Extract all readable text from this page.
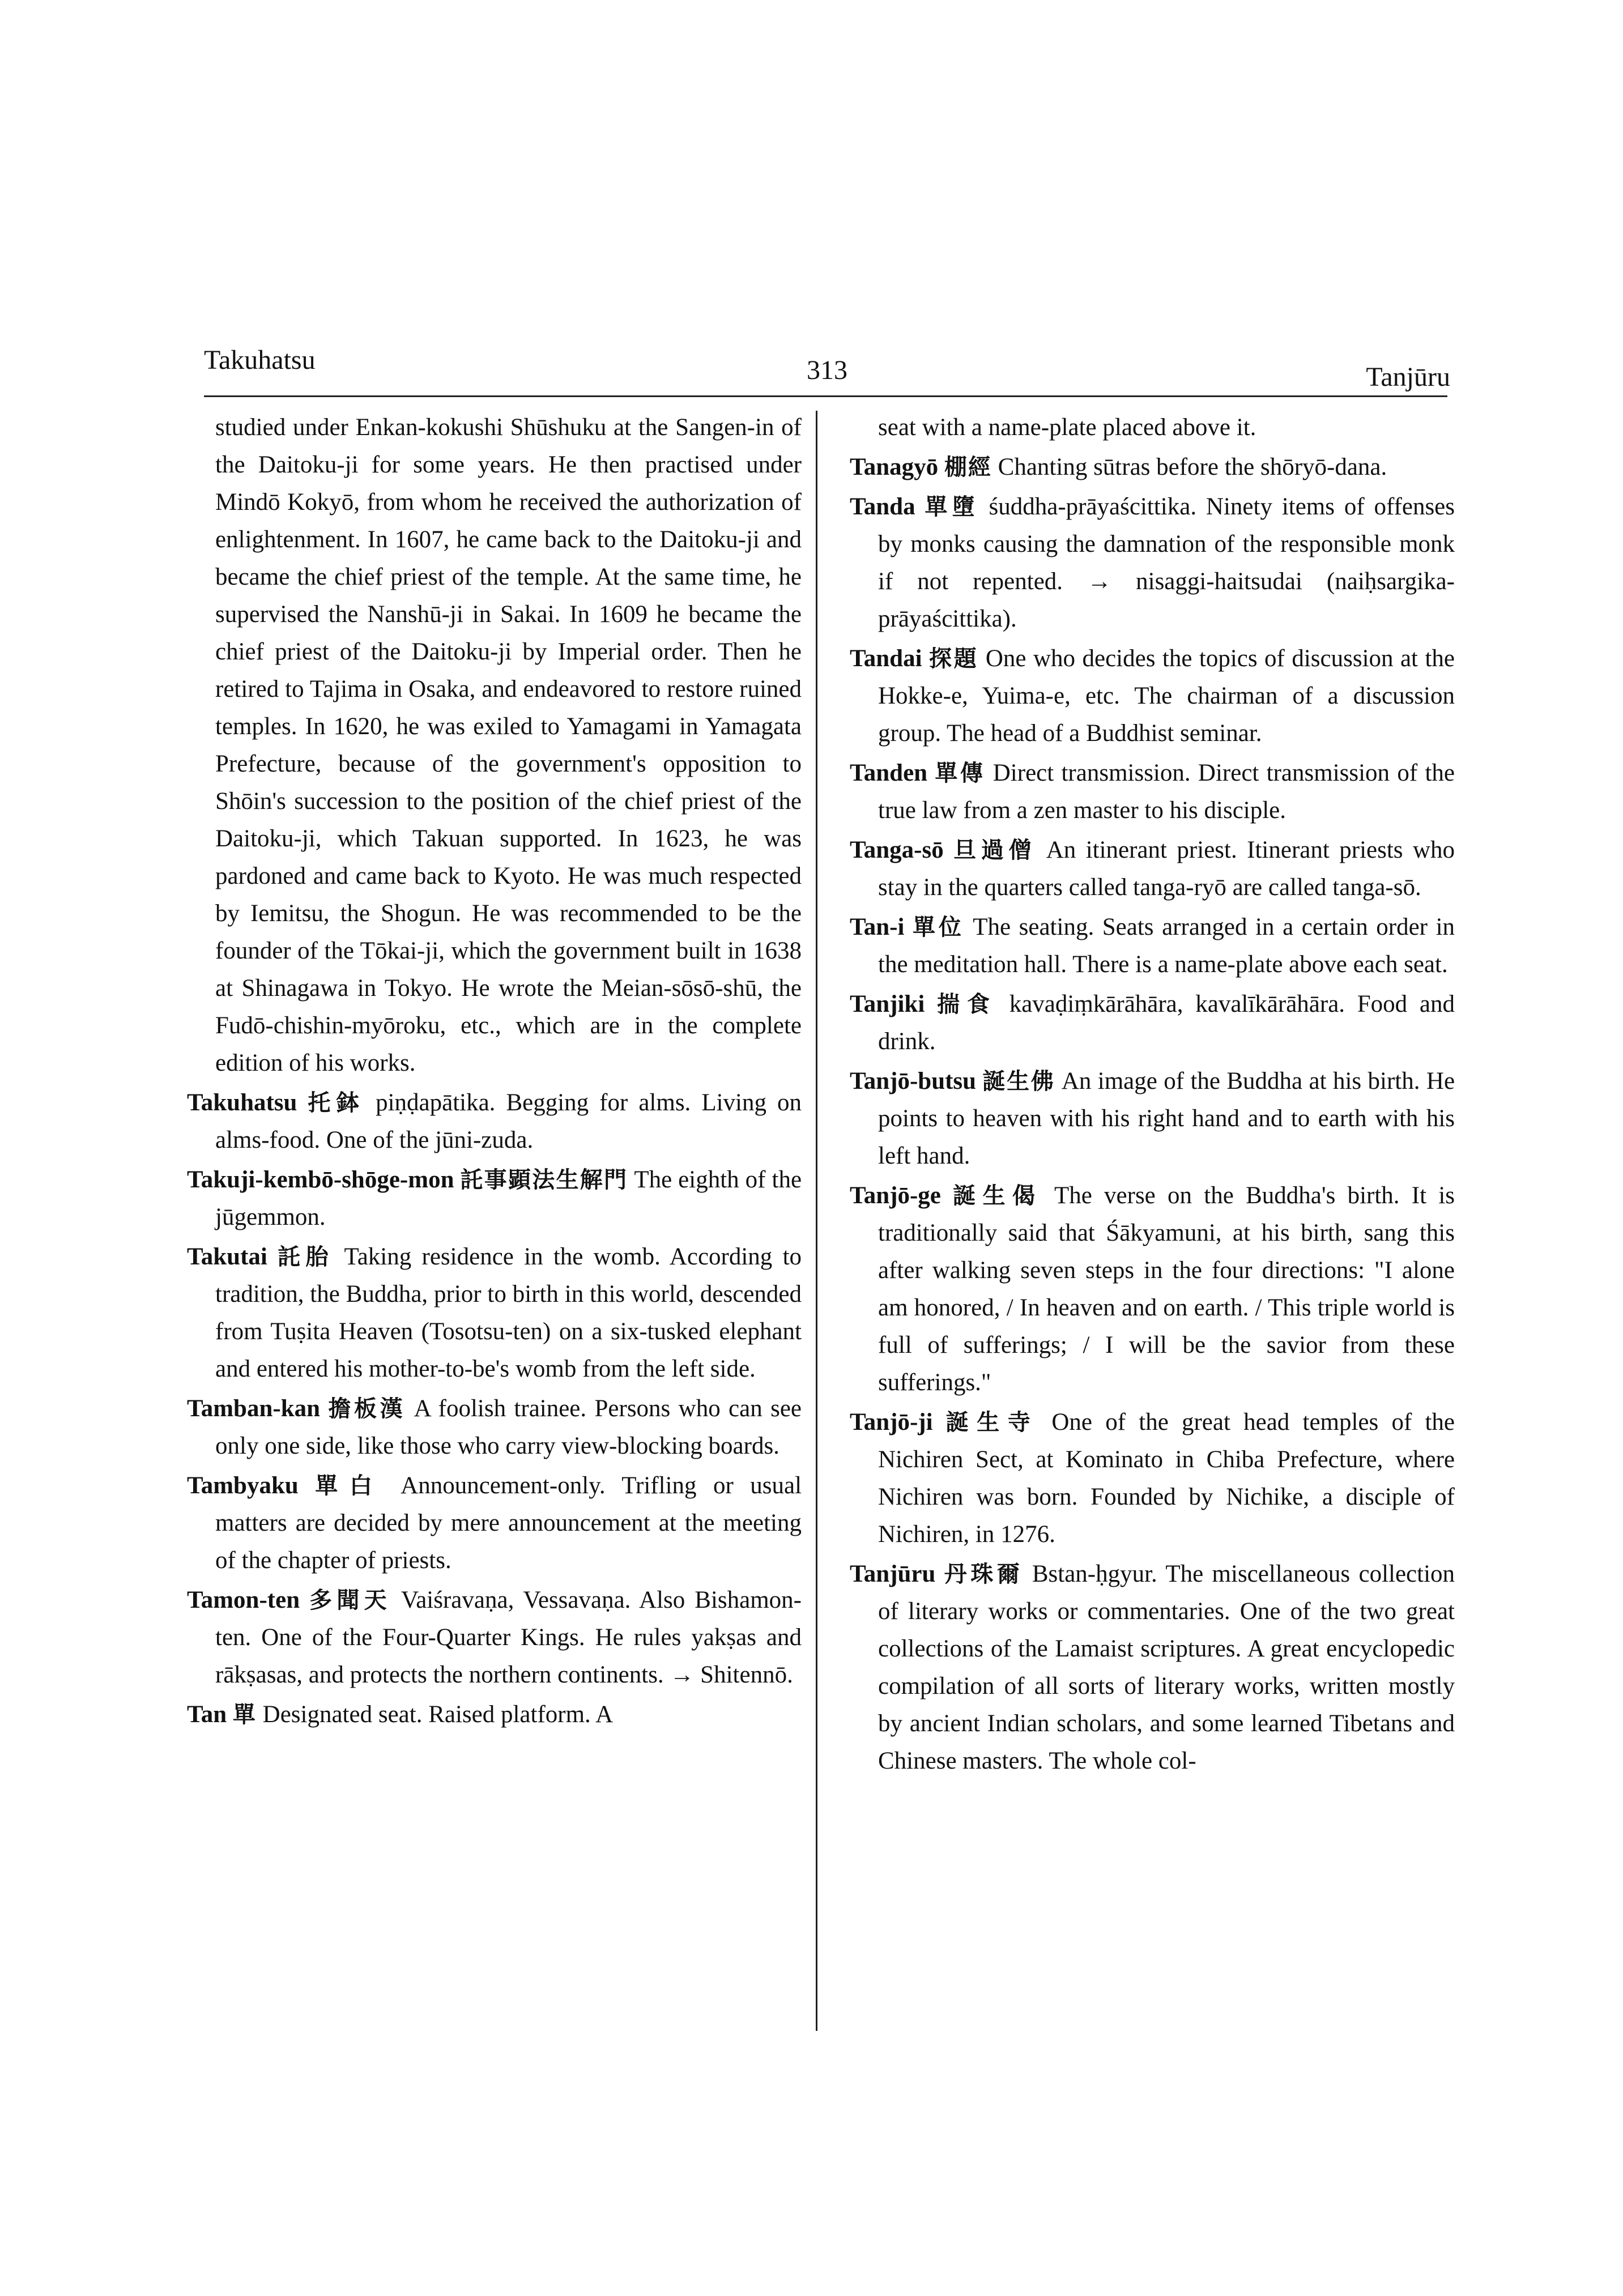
Takuhatsu	313	Tanjūru

studied under Enkan-kokushi Shūshuku at the Sangen-in of the Daitoku-ji for some years. He then practised under Mindō Kokyō, from whom he received the authorization of enlightenment. In 1607, he came back to the Daitoku-ji and became the chief priest of the temple. At the same time, he supervised the Nanshū-ji in Sakai. In 1609 he became the chief priest of the Daitoku-ji by Imperial order. Then he retired to Tajima in Osaka, and endeavored to restore ruined temples. In 1620, he was exiled to Yamagami in Yamagata Prefecture, because of the government's opposition to Shōin's succession to the position of the chief priest of the Daitoku-ji, which Takuan supported. In 1623, he was pardoned and came back to Kyoto. He was much respected by Iemitsu, the Shogun. He was recommended to be the founder of the Tōkai-ji, which the government built in 1638 at Shinagawa in Tokyo. He wrote the Meian-sōsō-shū, the Fudō-chishin-myōroku, etc., which are in the complete edition of his works.

Takuhatsu 托鉢 piṇḍapātika. Begging for alms. Living on alms-food. One of the jūni-zuda.

Takuji-kembō-shōge-mon 託事顕法生解門 The eighth of the jūgemmon.

Takutai 託胎 Taking residence in the womb. According to tradition, the Buddha, prior to birth in this world, descended from Tuṣita Heaven (Tosotsu-ten) on a six-tusked elephant and entered his mother-to-be's womb from the left side.

Tamban-kan 擔板漢 A foolish trainee. Persons who can see only one side, like those who carry view-blocking boards.

Tambyaku 單白 Announcement-only. Trifling or usual matters are decided by mere announcement at the meeting of the chapter of priests.

Tamon-ten 多聞天 Vaiśravaṇa, Vessavaṇa. Also Bishamon-ten. One of the Four-Quarter Kings. He rules yakṣas and rākṣasas, and protects the northern continents. → Shitennō.

Tan 單 Designated seat. Raised platform. A

seat with a name-plate placed above it.

Tanagyō 棚經 Chanting sūtras before the shōryō-dana.

Tanda 單墮 śuddha-prāyaścittika. Ninety items of offenses by monks causing the damnation of the responsible monk if not repented. → nisaggi-haitsudai (naiḥsargika-prāyaścittika).

Tandai 探題 One who decides the topics of discussion at the Hokke-e, Yuima-e, etc. The chairman of a discussion group. The head of a Buddhist seminar.

Tanden 單傳 Direct transmission. Direct transmission of the true law from a zen master to his disciple.

Tanga-sō 旦過僧 An itinerant priest. Itinerant priests who stay in the quarters called tanga-ryō are called tanga-sō.

Tan-i 單位 The seating. Seats arranged in a certain order in the meditation hall. There is a name-plate above each seat.

Tanjiki 揣食 kavaḍiṃkārāhāra, kavalīkārāhāra. Food and drink.

Tanjō-butsu 誕生佛 An image of the Buddha at his birth. He points to heaven with his right hand and to earth with his left hand.

Tanjō-ge 誕生偈 The verse on the Buddha's birth. It is traditionally said that Śākyamuni, at his birth, sang this after walking seven steps in the four directions: "I alone am honored, / In heaven and on earth. / This triple world is full of sufferings; / I will be the savior from these sufferings."

Tanjō-ji 誕生寺 One of the great head temples of the Nichiren Sect, at Kominato in Chiba Prefecture, where Nichiren was born. Founded by Nichike, a disciple of Nichiren, in 1276.

Tanjūru 丹珠爾 Bstan-ḥgyur. The miscellaneous collection of literary works or commentaries. One of the two great collections of the Lamaist scriptures. A great encyclopedic compilation of all sorts of literary works, written mostly by ancient Indian scholars, and some learned Tibetans and Chinese masters. The whole col-
